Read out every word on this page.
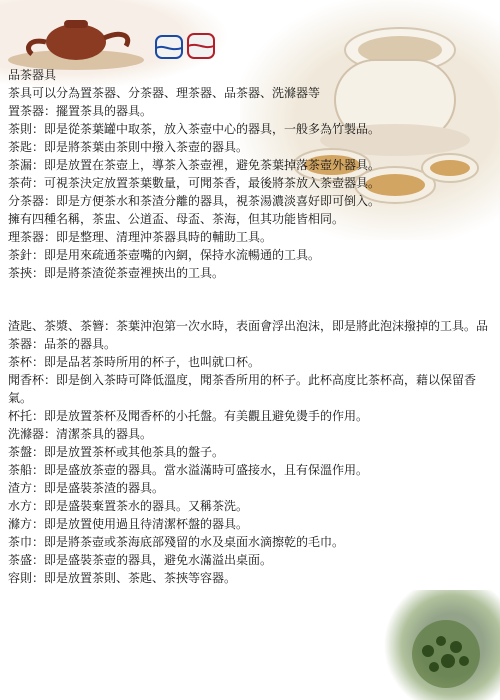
品茶器具

茶具可以分為置茶器、分茶器、理茶器、品茶器、洗滌器等

置茶器：擺置茶具的器具。

茶則：即是從茶葉罐中取茶，放入茶壺中心的器具，一般多為竹製品。

茶匙：即是將茶葉由茶則中撥入茶壺的器具。

茶漏：即是放置在茶壺上，導茶入茶壺裡，避免茶葉掉落茶壺外器具。

茶荷：可視茶決定放置茶葉數量，可聞茶香，最後將茶放入茶壺器具。

分茶器：即是方便茶水和茶渣分離的器具，視茶湯濃淡喜好即可倒入。

擁有四種名稱，茶盅、公道盃、母盃、茶海，但其功能皆相同。

理茶器：即是整理、清理沖茶器具時的輔助工具。

茶針：即是用來疏通茶壺嘴的內網，保持水流暢通的工具。

茶挾：即是將茶渣從茶壺裡挾出的工具。

渣匙、茶漿、茶簪：茶葉沖泡第一次水時，表面會浮出泡沫，即是將此泡沫撥掉的工具。品茶器：品茶的器具。

茶杯：即是品茗茶時所用的杯子，也叫就口杯。

聞香杯：即是倒入茶時可降低溫度，聞茶香所用的杯子。此杯高度比茶杯高，藉以保留香氣。

杯托：即是放置茶杯及聞香杯的小托盤。有美觀且避免燙手的作用。

洗滌器：清潔茶具的器具。

茶盤：即是放置茶杯或其他茶具的盤子。

茶船：即是盛放茶壺的器具。當水溢滿時可盛接水，且有保溫作用。

渣方：即是盛裝茶渣的器具。

水方：即是盛裝棄置茶水的器具。又稱茶洗。

滌方：即是放置使用過且待清潔杯盤的器具。

茶巾：即是將茶壺或茶海底部殘留的水及桌面水滴擦乾的毛巾。

茶盛：即是盛裝茶壺的器具，避免水滿溢出桌面。

容則：即是放置茶則、茶匙、茶挾等容器。
